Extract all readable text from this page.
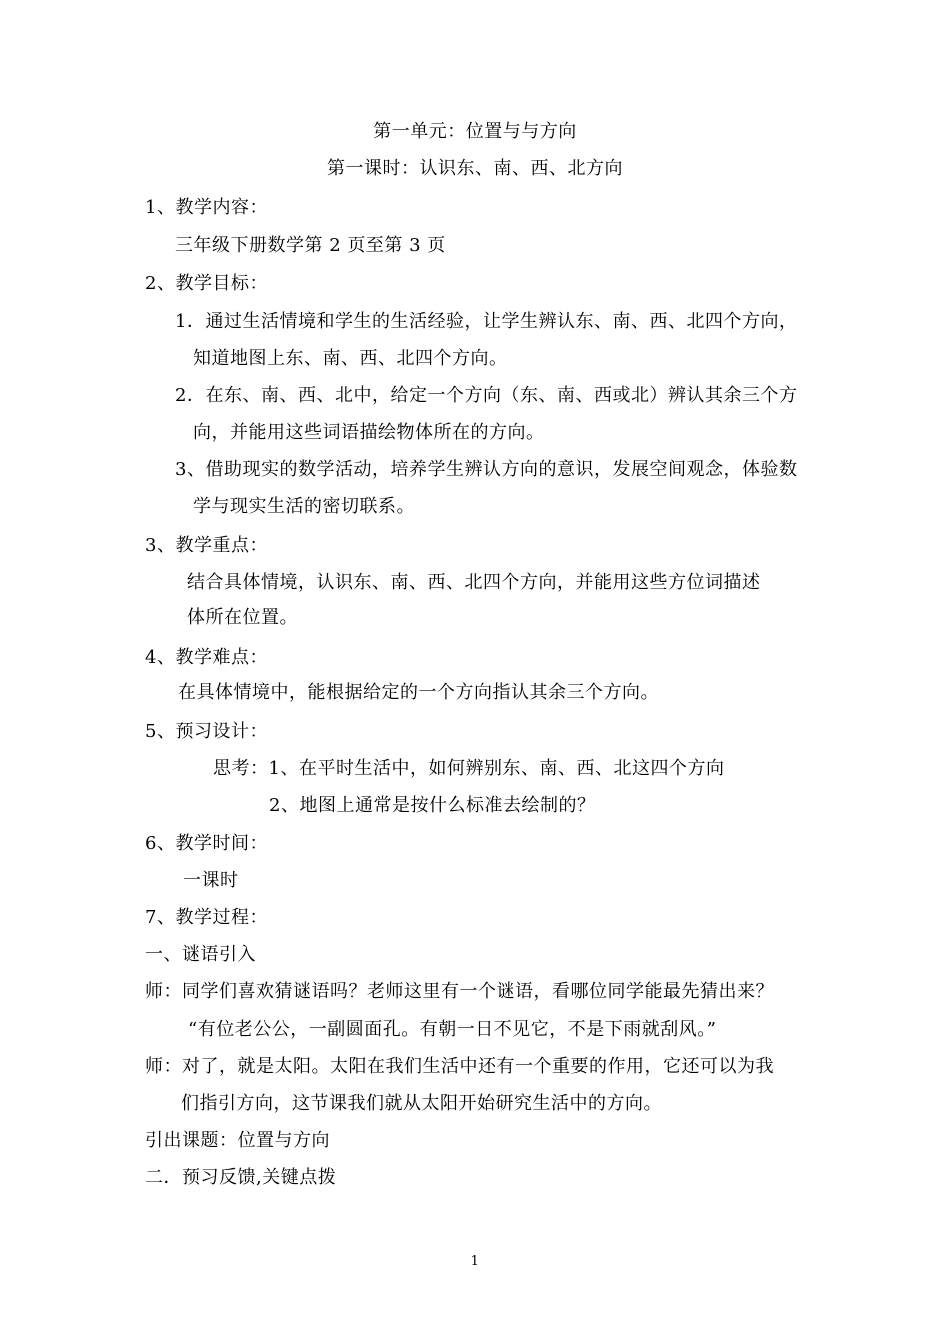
第一单元：位置与与方向
第一课时：认识东、南、西、北方向
1、教学内容：
三年级下册数学第 2 页至第 3 页
2、教学目标：
1．通过生活情境和学生的生活经验，让学生辨认东、南、西、北四个方向，
知道地图上东、南、西、北四个方向。
2．在东、南、西、北中，给定一个方向（东、南、西或北）辨认其余三个方
向，并能用这些词语描绘物体所在的方向。
3、借助现实的数学活动，培养学生辨认方向的意识，发展空间观念，体验数
学与现实生活的密切联系。
3、教学重点：
结合具体情境，认识东、南、西、北四个方向，并能用这些方位词描述
体所在位置。
4、教学难点：
在具体情境中，能根据给定的一个方向指认其余三个方向。
5、预习设计：
思考：1、在平时生活中，如何辨别东、南、西、北这四个方向
2、地图上通常是按什么标准去绘制的？
6、教学时间：
一课时
7、教学过程：
一、谜语引入
师：同学们喜欢猜谜语吗？老师这里有一个谜语，看哪位同学能最先猜出来？
“有位老公公，一副圆面孔。有朝一日不见它，不是下雨就刮风。”
师：对了，就是太阳。太阳在我们生活中还有一个重要的作用，它还可以为我
们指引方向，这节课我们就从太阳开始研究生活中的方向。
引出课题：位置与方向
二．预习反馈,关键点拨
1
